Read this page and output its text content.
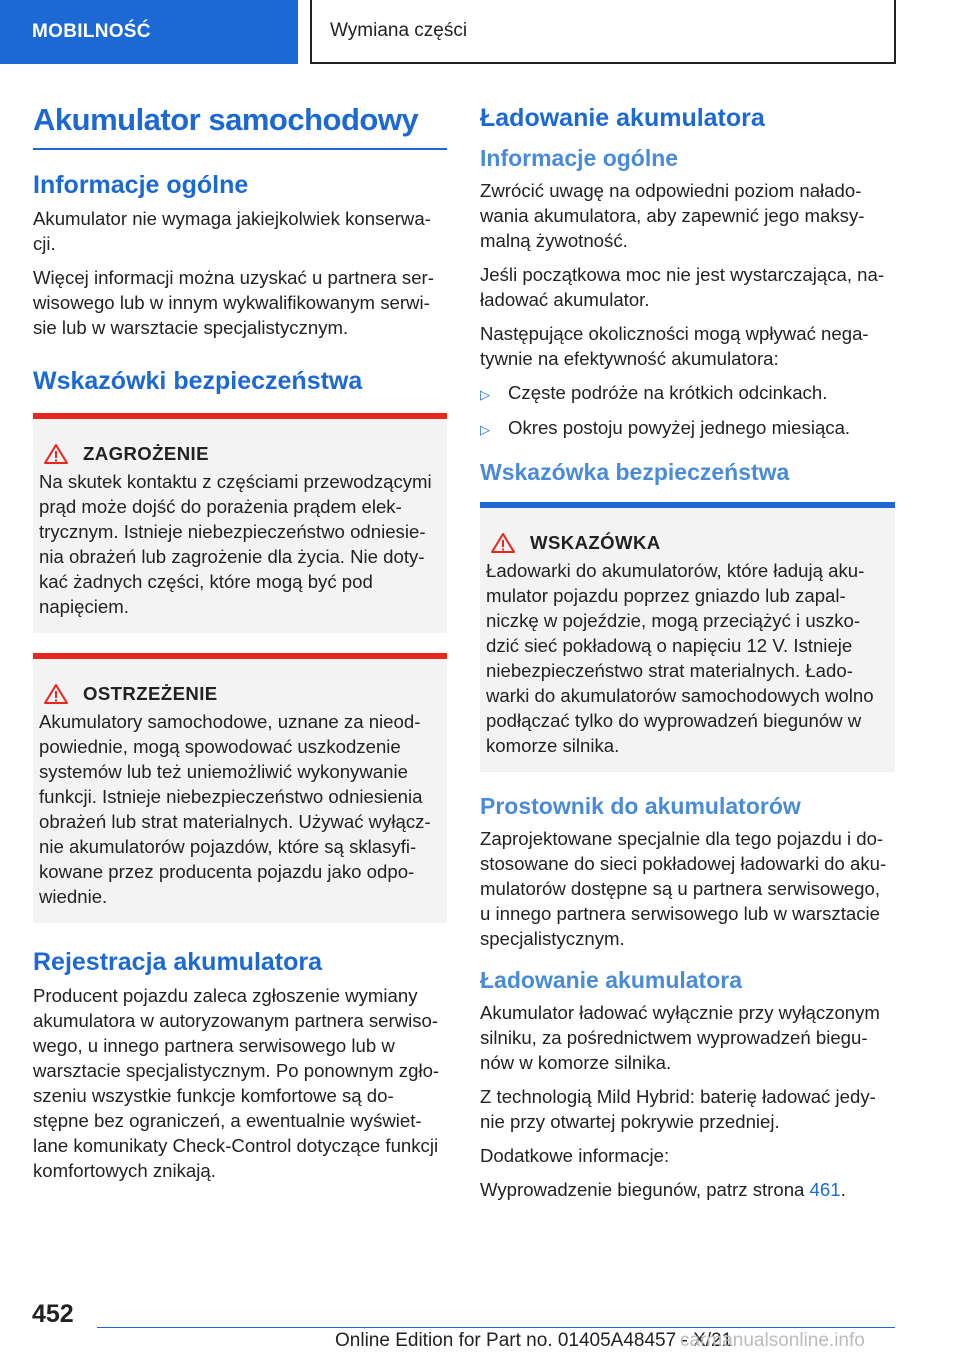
MOBILNOŚĆ	Wymiana części
Akumulator samochodowy
Informacje ogólne

Akumulator nie wymaga jakiejkolwiek konserwa-cji.

Więcej informacji można uzyskać u partnera ser-wisowego lub w innym wykwalifikowanym serwi-sie lub w warsztacie specjalistycznym.

Wskazówki bezpieczeństwa
ZAGROŻENIE

Na skutek kontaktu z częściami przewodzącymi prąd może dojść do porażenia prądem elek-trycznym. Istnieje niebezpieczeństwo odniesie-nia obrażeń lub zagrożenie dla życia. Nie doty-kać żadnych części, które mogą być pod napięciem.

OSTRZEŻENIE

Akumulatory samochodowe, uznane za nieod-powiednie, mogą spowodować uszkodzenie systemów lub też uniemożliwić wykonywanie funkcji. Istnieje niebezpieczeństwo odniesienia obrażeń lub strat materialnych. Używać wyłącz-nie akumulatorów pojazdów, które są sklasyfi-kowane przez producenta pojazdu jako odpo-wiednie.

Rejestracja akumulatora

Producent pojazdu zaleca zgłoszenie wymiany akumulatora w autoryzowanym partnera serwiso-wego, u innego partnera serwisowego lub w warsztacie specjalistycznym. Po ponownym zgło-szeniu wszystkie funkcje komfortowe są do-stępne bez ograniczeń, a ewentualnie wyświet-lane komunikaty Check-Control dotyczące funkcji komfortowych znikają.

Ładowanie akumulatora
Informacje ogólne

Zwrócić uwagę na odpowiedni poziom nałado-wania akumulatora, aby zapewnić jego maksy-malną żywotność.

Jeśli początkowa moc nie jest wystarczająca, na-ładować akumulator.

Następujące okoliczności mogą wpływać nega-tywnie na efektywność akumulatora:

▷ Częste podróże na krótkich odcinkach.
▷ Okres postoju powyżej jednego miesiąca.
Wskazówka bezpieczeństwa
WSKAZÓWKA

Ładowarki do akumulatorów, które ładują aku-mulator pojazdu poprzez gniazdo lub zapal-niczkę w pojeździe, mogą przeciążyć i uszko-dzić sieć pokładową o napięciu 12 V. Istnieje niebezpieczeństwo strat materialnych. Łado-warki do akumulatorów samochodowych wolno podłączać tylko do wyprowadzeń biegunów w komorze silnika.

Prostownik do akumulatorów

Zaprojektowane specjalnie dla tego pojazdu i do-stosowane do sieci pokładowej ładowarki do aku-mulatorów dostępne są u partnera serwisowego, u innego partnera serwisowego lub w warsztacie specjalistycznym.

Ładowanie akumulatora

Akumulator ładować wyłącznie przy wyłączonym silniku, za pośrednictwem wyprowadzeń biegu-nów w komorze silnika.

Z technologią Mild Hybrid: baterię ładować jedy-nie przy otwartej pokrywie przedniej.

Dodatkowe informacje:

Wyprowadzenie biegunów, patrz strona 461.

452
Online Edition for Part no. 01405A48457 - X/21
carmanualsonline.info
